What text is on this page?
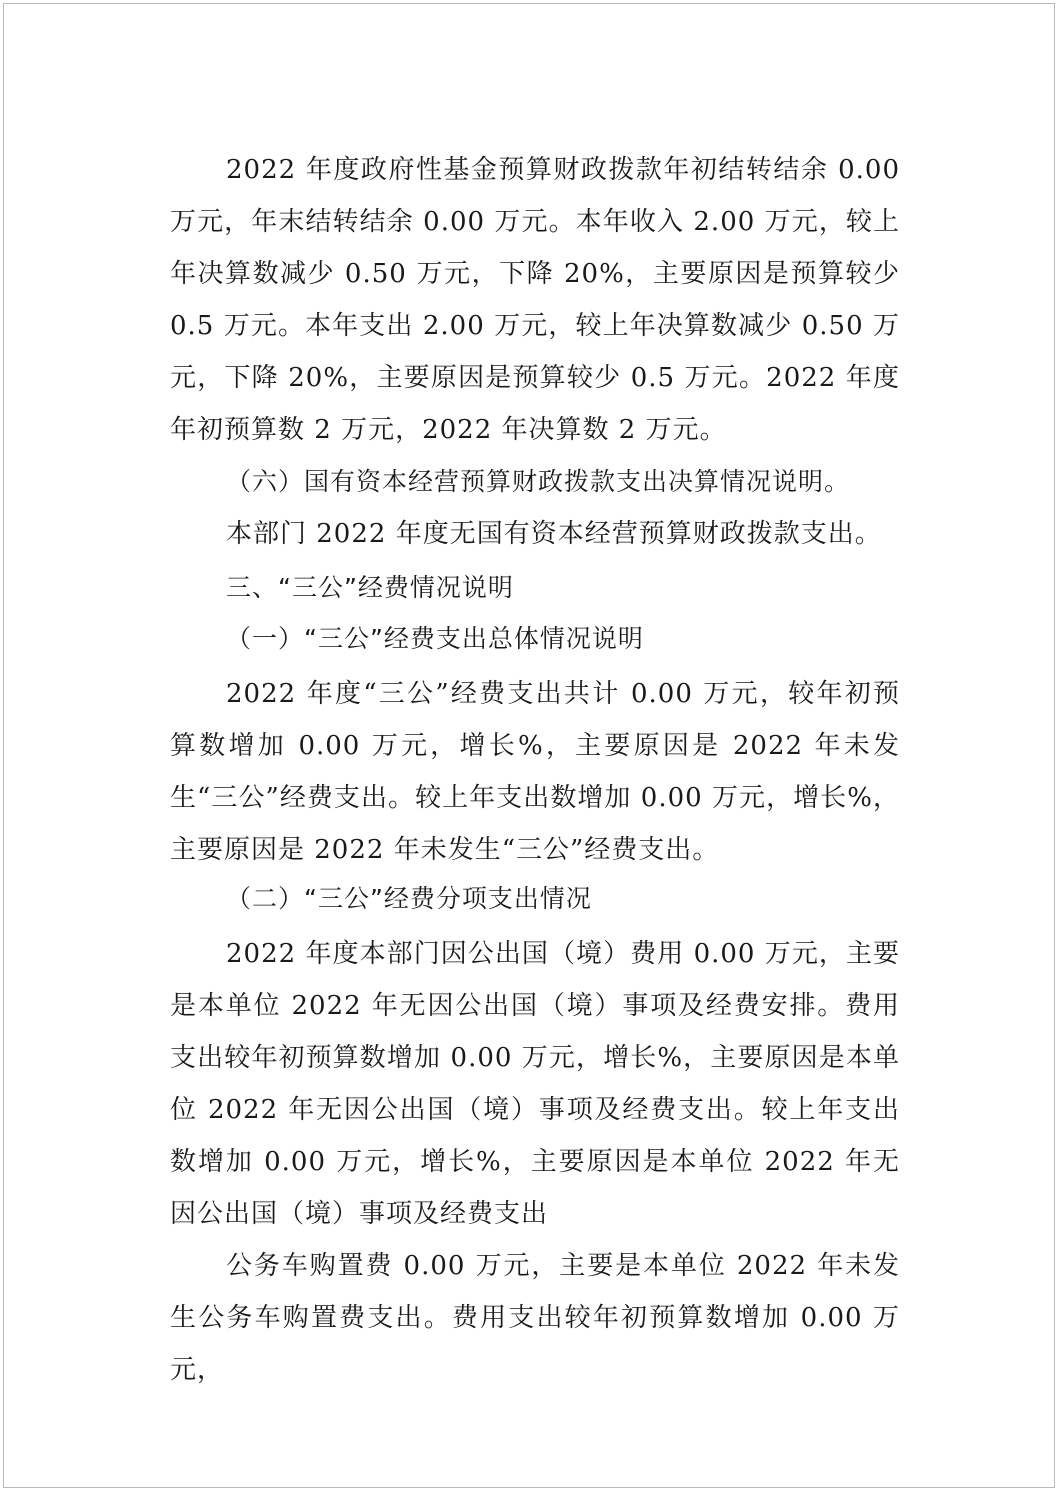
2022 年度政府性基金预算财政拨款年初结转结余 0.00 万元，年末结转结余 0.00 万元。本年收入 2.00 万元，较上年决算数减少 0.50 万元，下降 20%，主要原因是预算较少 0.5 万元。本年支出 2.00 万元，较上年决算数减少 0.50 万元，下降 20%，主要原因是预算较少 0.5 万元。2022 年度年初预算数 2 万元，2022 年决算数 2 万元。

（六）国有资本经营预算财政拨款支出决算情况说明。

本部门 2022 年度无国有资本经营预算财政拨款支出。

三、“三公”经费情况说明

（一）“三公”经费支出总体情况说明

2022 年度“三公”经费支出共计 0.00 万元，较年初预算数增加 0.00 万元，增长%，主要原因是 2022 年未发生“三公”经费支出。较上年支出数增加 0.00 万元，增长%，主要原因是 2022 年未发生“三公”经费支出。

（二）“三公”经费分项支出情况

2022 年度本部门因公出国（境）费用 0.00 万元，主要是本单位 2022 年无因公出国（境）事项及经费安排。费用支出较年初预算数增加 0.00 万元，增长%，主要原因是本单位 2022 年无因公出国（境）事项及经费支出。较上年支出数增加 0.00 万元，增长%，主要原因是本单位 2022 年无因公出国（境）事项及经费支出

公务车购置费 0.00 万元，主要是本单位 2022 年未发生公务车购置费支出。费用支出较年初预算数增加 0.00 万元，
